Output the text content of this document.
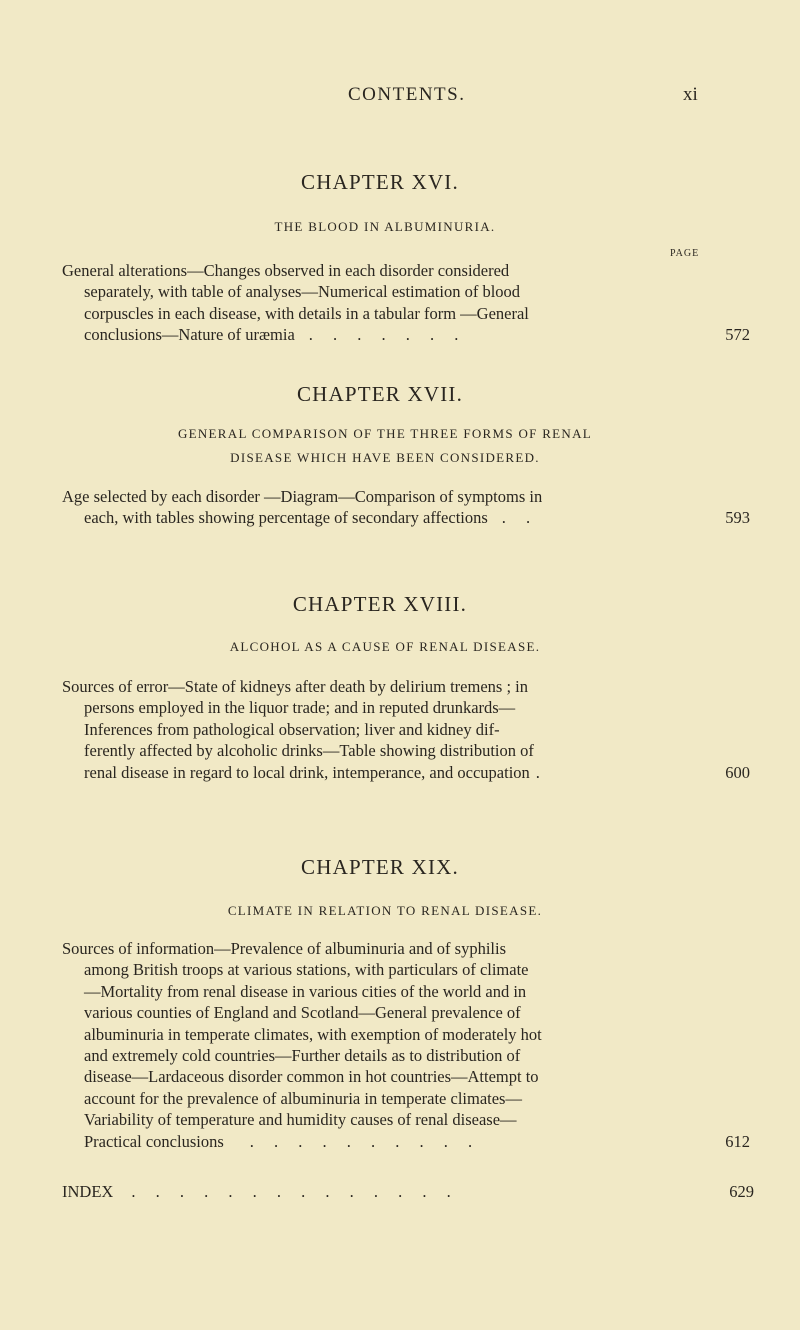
CONTENTS.	xi
CHAPTER XVI.
THE BLOOD IN ALBUMINURIA.
PAGE
General alterations—Changes observed in each disorder considered
separately, with table of analyses—Numerical estimation of blood
corpuscles in each disease, with details in a tabular form —General
conclusions—Nature of uræmia . . . . . . .	572
CHAPTER XVII.
GENERAL COMPARISON OF THE THREE FORMS OF RENAL
DISEASE WHICH HAVE BEEN CONSIDERED.
Age selected by each disorder —Diagram—Comparison of symptoms in
each, with tables showing percentage of secondary affections . .	593
CHAPTER XVIII.
ALCOHOL AS A CAUSE OF RENAL DISEASE.
Sources of error—State of kidneys after death by delirium tremens ; in
persons employed in the liquor trade; and in reputed drunkards—
Inferences from pathological observation; liver and kidney dif-
ferently affected by alcoholic drinks—Table showing distribution of
renal disease in regard to local drink, intemperance, and occupation .	600
CHAPTER XIX.
CLIMATE IN RELATION TO RENAL DISEASE.
Sources of information—Prevalence of albuminuria and of syphilis
among British troops at various stations, with particulars of climate
—Mortality from renal disease in various cities of the world and in
various counties of England and Scotland—General prevalence of
albuminuria in temperate climates, with exemption of moderately hot
and extremely cold countries—Further details as to distribution of
disease—Lardaceous disorder common in hot countries—Attempt to
account for the prevalence of albuminuria in temperate climates—
Variability of temperature and humidity causes of renal disease—
Practical conclusions . . . . . . . . . .	612
INDEX . . . . . . . . . . . . . .	629
